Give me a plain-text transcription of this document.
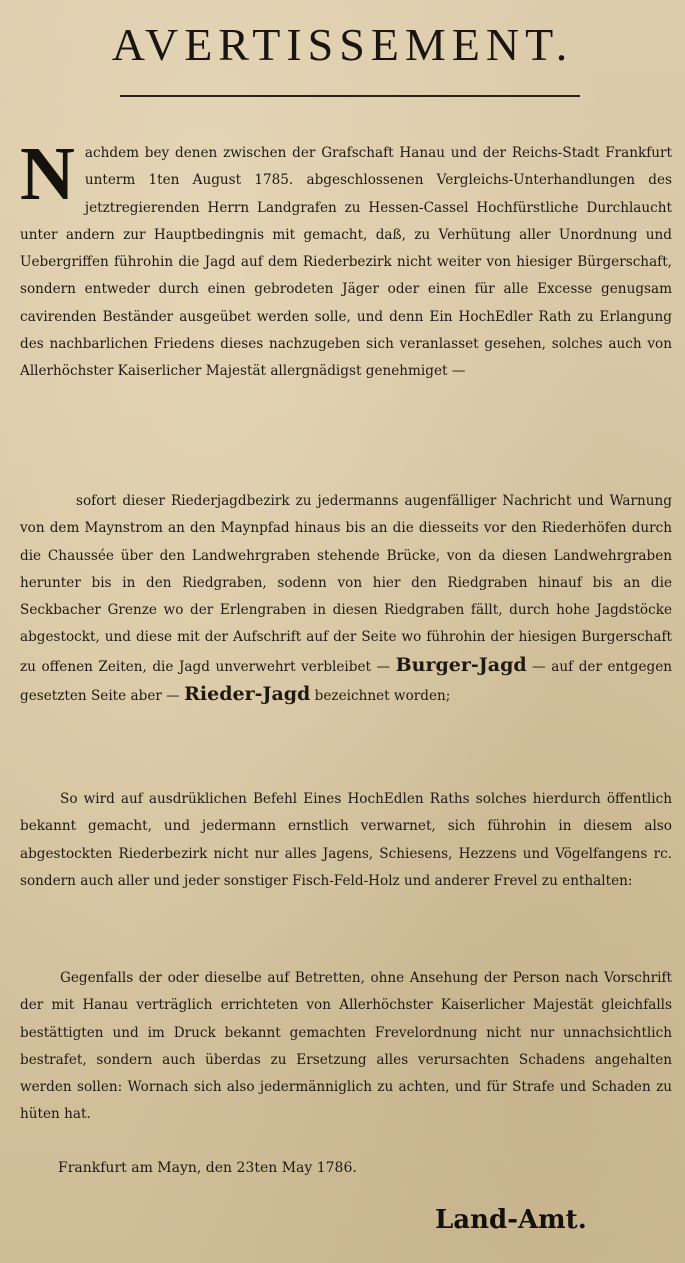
AVERTISSEMENT.

Nachdem bey denen zwischen der Grafschaft Hanau und der Reichs-Stadt Frankfurt unterm 1ten August 1785. abgeschlossenen Vergleichs-Unterhandlungen des jetztregierenden Herrn Landgrafen zu Hessen-Cassel Hochfürstliche Durchlaucht unter andern zur Hauptbedingnis mit gemacht, daß, zu Verhütung aller Unordnung und Uebergriffen führohin die Jagd auf dem Riederbezirk nicht weiter von hiesiger Bürgerschaft, sondern entweder durch einen gebrodeten Jäger oder einen für alle Excesse genugsam cavirenden Beständer ausgeübet werden solle, und denn Ein HochEdler Rath zu Erlangung des nachbarlichen Friedens dieses nachzugeben sich veranlasset gesehen, solches auch von Allerhöchster Kaiserlicher Majestät allergnädigst genehmiget —

sofort dieser Riederjagdbezirk zu jedermanns augenfälliger Nachricht und Warnung von dem Maynstrom an den Maynpfad hinaus bis an die diesseits vor den Riederhöfen durch die Chaussée über den Landwehrgraben stehende Brücke, von da diesen Landwehrgraben herunter bis in den Riedgraben, sodenn von hier den Riedgraben hinauf bis an die Seckbacher Grenze wo der Erlengraben in diesen Riedgraben fällt, durch hohe Jagdstöcke abgestockt, und diese mit der Aufschrift auf der Seite wo führohin der hiesigen Burgerschaft zu offenen Zeiten, die Jagd unverwehrt verbleibet — Burger-Jagd — auf der entgegen gesetzten Seite aber — Rieder-Jagd bezeichnet worden;

So wird auf ausdrüklichen Befehl Eines HochEdlen Raths solches hierdurch öffentlich bekannt gemacht, und jedermann ernstlich verwarnet, sich führohin in diesem also abgestockten Riederbezirk nicht nur alles Jagens, Schiesens, Hezzens und Vögelfangens rc. sondern auch aller und jeder sonstiger Fisch-Feld-Holz und anderer Frevel zu enthalten:

Gegenfalls der oder dieselbe auf Betretten, ohne Ansehung der Person nach Vorschrift der mit Hanau verträglich errichteten von Allerhöchster Kaiserlicher Majestät gleichfalls bestättigten und im Druck bekannt gemachten Frevelordnung nicht nur unnachsichtlich bestrafet, sondern auch überdas zu Ersetzung alles verursachten Schadens angehalten werden sollen: Wornach sich also jedermänniglich zu achten, und für Strafe und Schaden zu hüten hat.

Frankfurt am Mayn, den 23ten May 1786.
Land-Amt.
